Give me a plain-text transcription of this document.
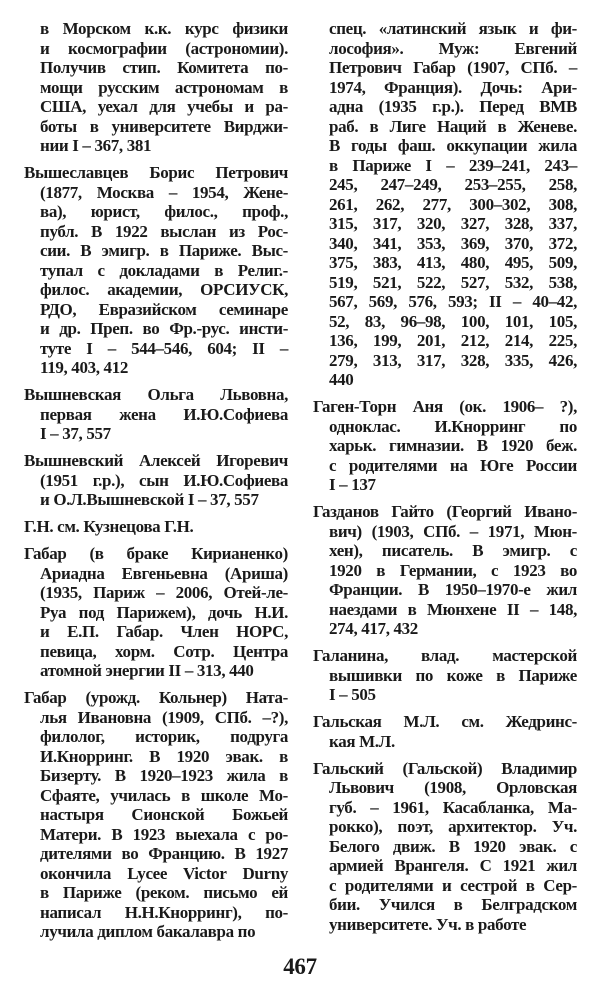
в Морском к.к. курс физики
и космографии (астрономии).
Получив стип. Комитета по-
мощи русским астрономам в
США, уехал для учебы и ра-
боты в университете Вирджи-
нии I – 367, 381
Вышеславцев Борис Петрович
(1877, Москва – 1954, Жене-
ва), юрист, филос., проф.,
публ. В 1922 выслан из Рос-
сии. В эмигр. в Париже. Выс-
тупал с докладами в Религ.-
филос. академии, ОРСИУСК,
РДО, Евразийском семинаре
и др. Преп. во Фр.-рус. инсти-
туте I – 544–546, 604; II –
119, 403, 412
Вышневская Ольга Львовна,
первая жена И.Ю.Софиева
I – 37, 557
Вышневский Алексей Игоревич
(1951 г.р.), сын И.Ю.Софиева
и О.Л.Вышневской I – 37, 557
Г.Н. см. Кузнецова Г.Н.
Габар (в браке Кирианенко)
Ариадна Евгеньевна (Ариша)
(1935, Париж – 2006, Отей-ле-
Руа под Парижем), дочь Н.И.
и Е.П. Габар. Член НОРС,
певица, хорм. Сотр. Центра
атомной энергии II – 313, 440
Габар (урожд. Кольнер) Ната-
лья Ивановна (1909, СПб. –?),
филолог, историк, подруга
И.Кнорринг. В 1920 эвак. в
Бизерту. В 1920–1923 жила в
Сфаяте, училась в школе Мо-
настыря Сионской Божьей
Матери. В 1923 выехала с ро-
дителями во Францию. В 1927
окончила Lycee Victor Durny
в Париже (реком. письмо ей
написал Н.Н.Кнорринг), по-
лучила диплом бакалавра по
спец. «латинский язык и фи-
лософия». Муж: Евгений
Петрович Габар (1907, СПб. –
1974, Франция). Дочь: Ари-
адна (1935 г.р.). Перед ВМВ
раб. в Лиге Наций в Женеве.
В годы фаш. оккупации жила
в Париже I – 239–241, 243–
245, 247–249, 253–255, 258,
261, 262, 277, 300–302, 308,
315, 317, 320, 327, 328, 337,
340, 341, 353, 369, 370, 372,
375, 383, 413, 480, 495, 509,
519, 521, 522, 527, 532, 538,
567, 569, 576, 593; II – 40–42,
52, 83, 96–98, 100, 101, 105,
136, 199, 201, 212, 214, 225,
279, 313, 317, 328, 335, 426,
440
Гаген-Торн Аня (ок. 1906– ?),
одноклас. И.Кнорринг по
харьк. гимназии. В 1920 беж.
с родителями на Юге России
I – 137
Газданов Гайто (Георгий Ивано-
вич) (1903, СПб. – 1971, Мюн-
хен), писатель. В эмигр. с
1920 в Германии, с 1923 во
Франции. В 1950–1970-е жил
наездами в Мюнхене II – 148,
274, 417, 432
Галанина, влад. мастерской
вышивки по коже в Париже
I – 505
Гальская М.Л. см. Жедринс-
кая М.Л.
Гальский (Гальской) Владимир
Львович (1908, Орловская
губ. – 1961, Касабланка, Ма-
рокко), поэт, архитектор. Уч.
Белого движ. В 1920 эвак. с
армией Врангеля. С 1921 жил
с родителями и сестрой в Сер-
бии. Учился в Белградском
университете. Уч. в работе
467
